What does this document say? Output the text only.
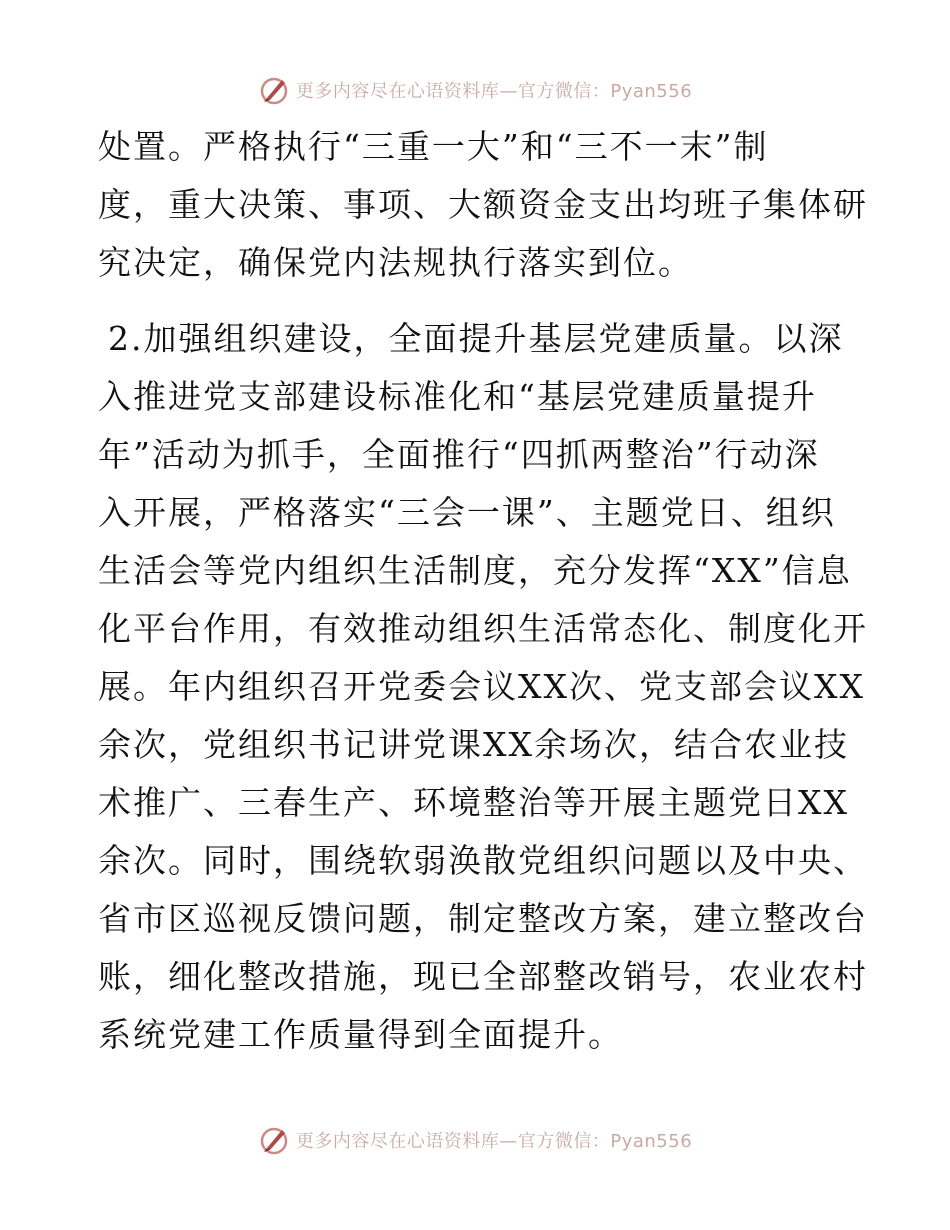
更多内容尽在心语资料库—官方微信：Pyan556
处置。严格执行“三重一大”和“三不一末”制
度，重大决策、事项、大额资金支出均班子集体研
究决定，确保党内法规执行落实到位。
2.加强组织建设，全面提升基层党建质量。以深
入推进党支部建设标准化和“基层党建质量提升
年”活动为抓手，全面推行“四抓两整治”行动深
入开展，严格落实“三会一课”、主题党日、组织
生活会等党内组织生活制度，充分发挥“XX”信息
化平台作用，有效推动组织生活常态化、制度化开
展。年内组织召开党委会议XX次、党支部会议XX
余次，党组织书记讲党课XX余场次，结合农业技
术推广、三春生产、环境整治等开展主题党日XX
余次。同时，围绕软弱涣散党组织问题以及中央、
省市区巡视反馈问题，制定整改方案，建立整改台
账，细化整改措施，现已全部整改销号，农业农村
系统党建工作质量得到全面提升。
更多内容尽在心语资料库—官方微信：Pyan556
